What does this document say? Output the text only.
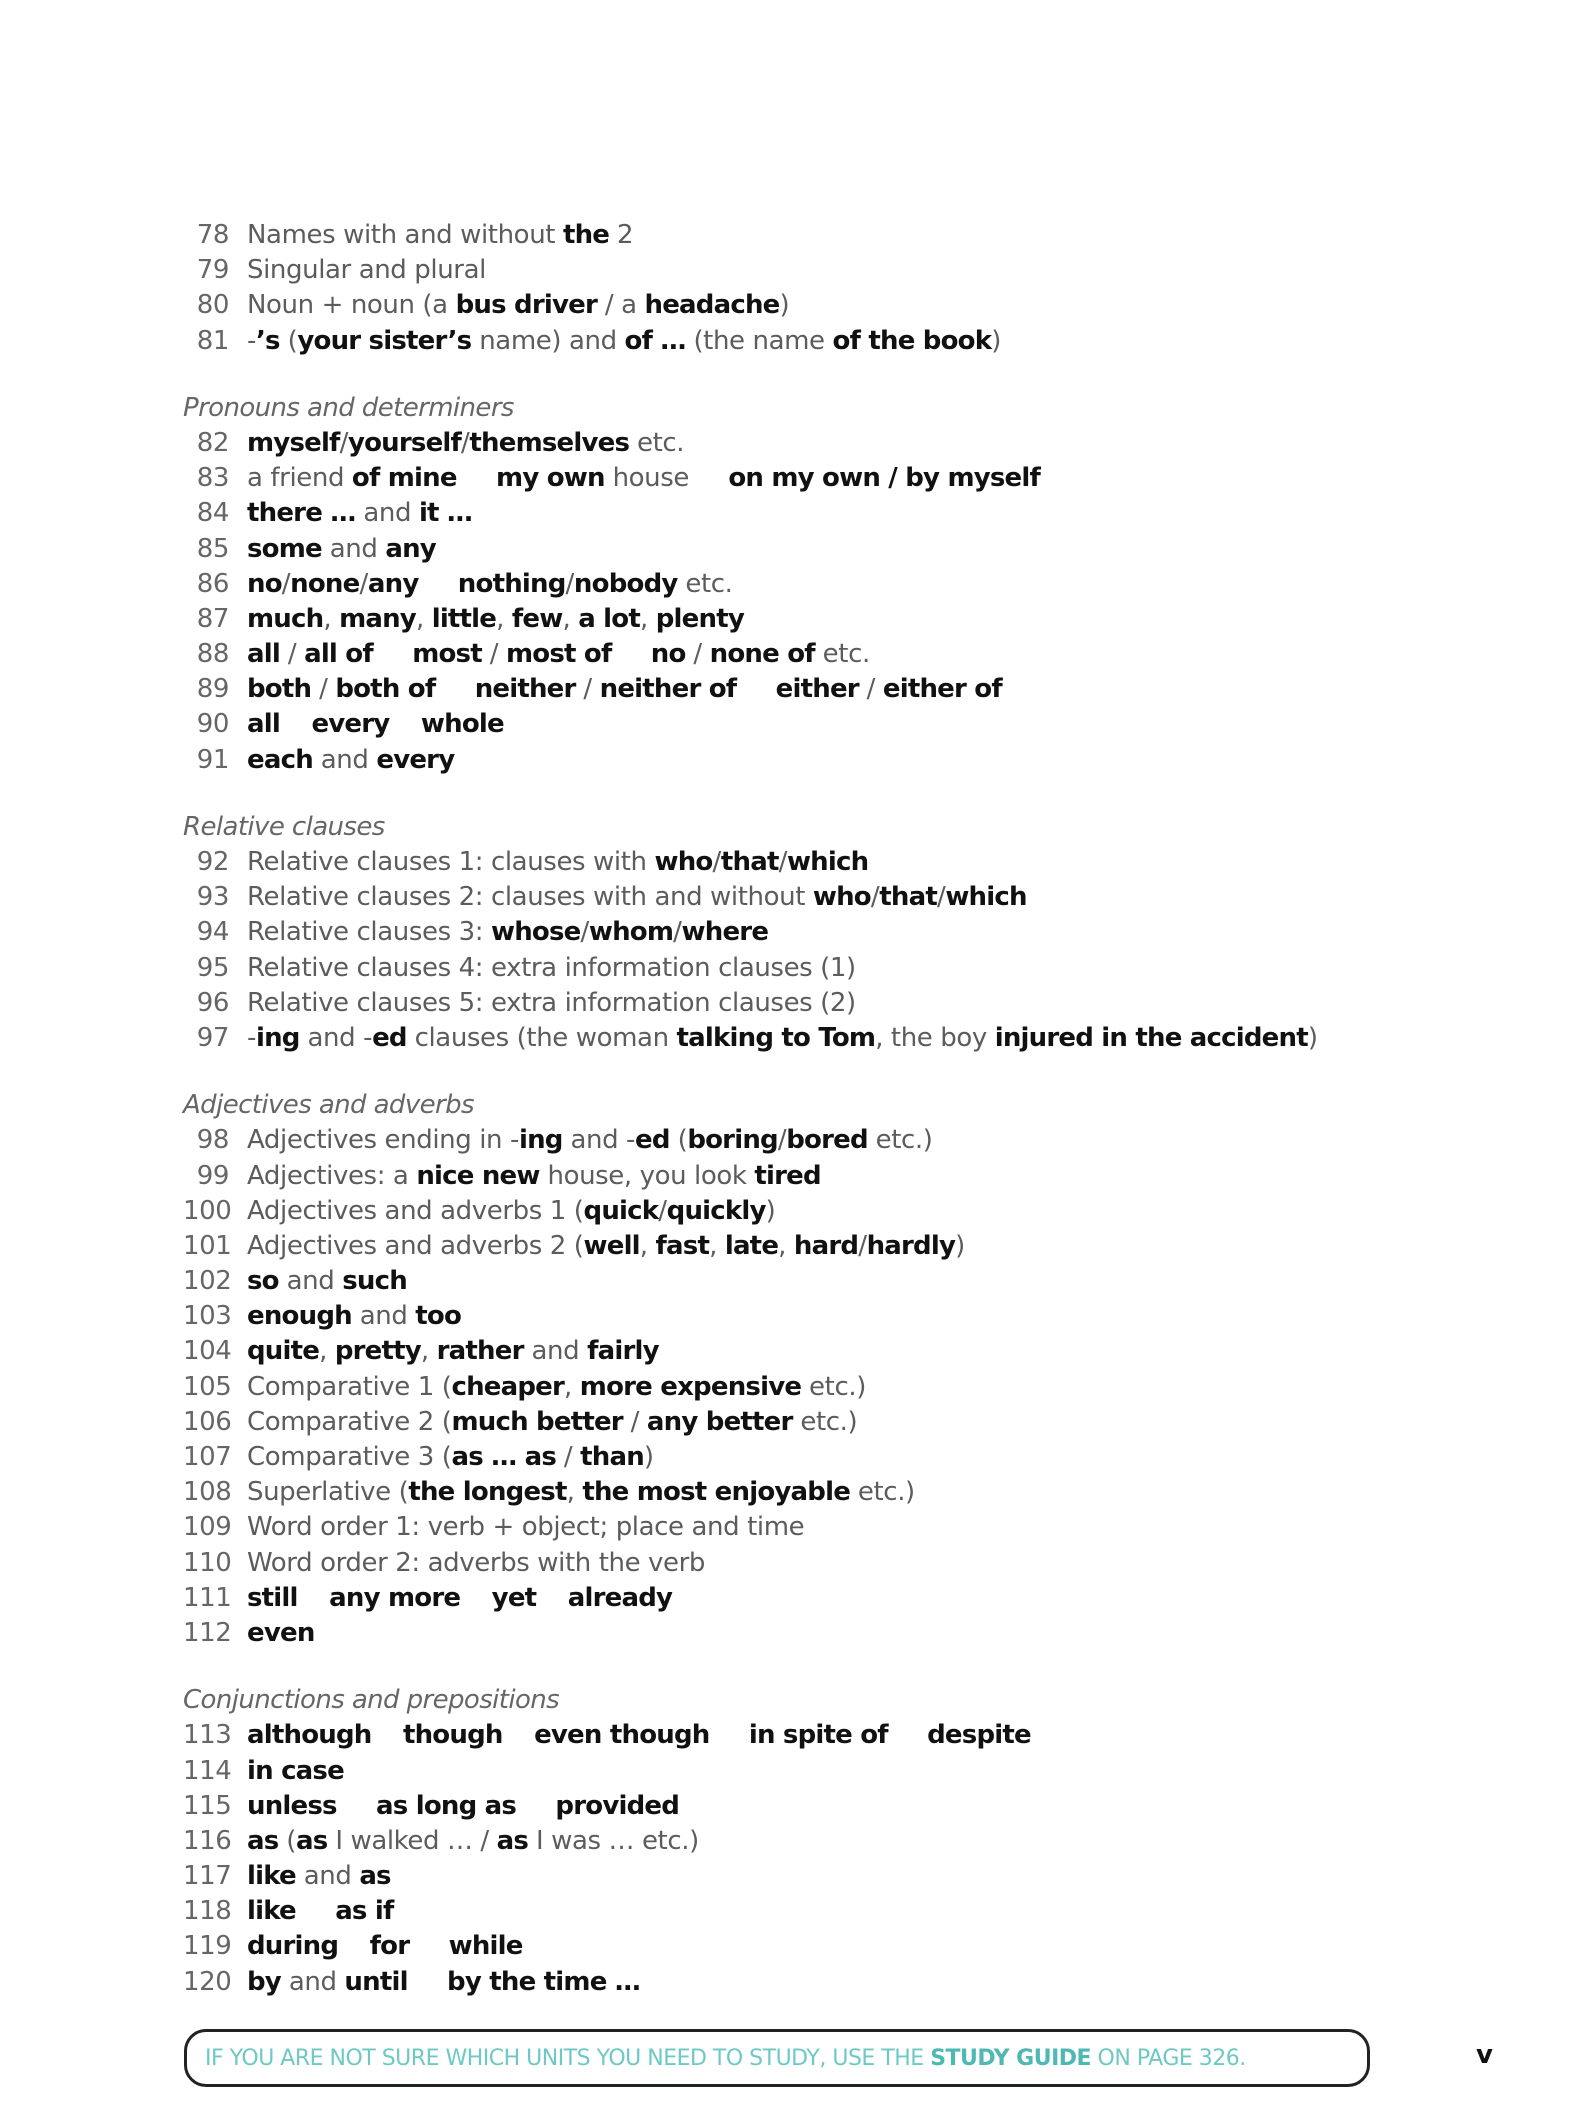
78 Names with and without the 2
79 Singular and plural
80 Noun + noun (a bus driver / a headache)
81 -’s (your sister’s name) and of … (the name of the book)
Pronouns and determiners
82 myself/yourself/themselves etc.
83 a friend of mine my own house     on my own / by myself
84 there … and it …
85 some and any
86 no/none/any nothing/nobody etc.
87 much, many, little, few, a lot, plenty
88 all / all of most / most of no / none of etc.
89 both / both of neither / neither of either / either of
90 all every whole
91 each and every
Relative clauses
92 Relative clauses 1: clauses with who/that/which
93 Relative clauses 2: clauses with and without who/that/which
94 Relative clauses 3: whose/whom/where
95 Relative clauses 4: extra information clauses (1)
96 Relative clauses 5: extra information clauses (2)
97 -ing and -ed clauses (the woman talking to Tom, the boy injured in the accident)
Adjectives and adverbs
98 Adjectives ending in -ing and -ed (boring/bored etc.)
99 Adjectives: a nice new house, you look tired
100 Adjectives and adverbs 1 (quick/quickly)
101 Adjectives and adverbs 2 (well, fast, late, hard/hardly)
102 so and such
103 enough and too
104 quite, pretty, rather and fairly
105 Comparative 1 (cheaper, more expensive etc.)
106 Comparative 2 (much better / any better etc.)
107 Comparative 3 (as … as / than)
108 Superlative (the longest, the most enjoyable etc.)
109 Word order 1: verb + object; place and time
110 Word order 2: adverbs with the verb
111 still any more yet already
112 even
Conjunctions and prepositions
113 although though even though in spite of despite
114 in case
115 unless as long as provided
116 as (as I walked … / as I was … etc.)
117 like and as
118 like as if
119 during for while
120 by and until by the time …
IF YOU ARE NOT SURE WHICH UNITS YOU NEED TO STUDY, USE THE STUDY GUIDE ON PAGE 326.	v
